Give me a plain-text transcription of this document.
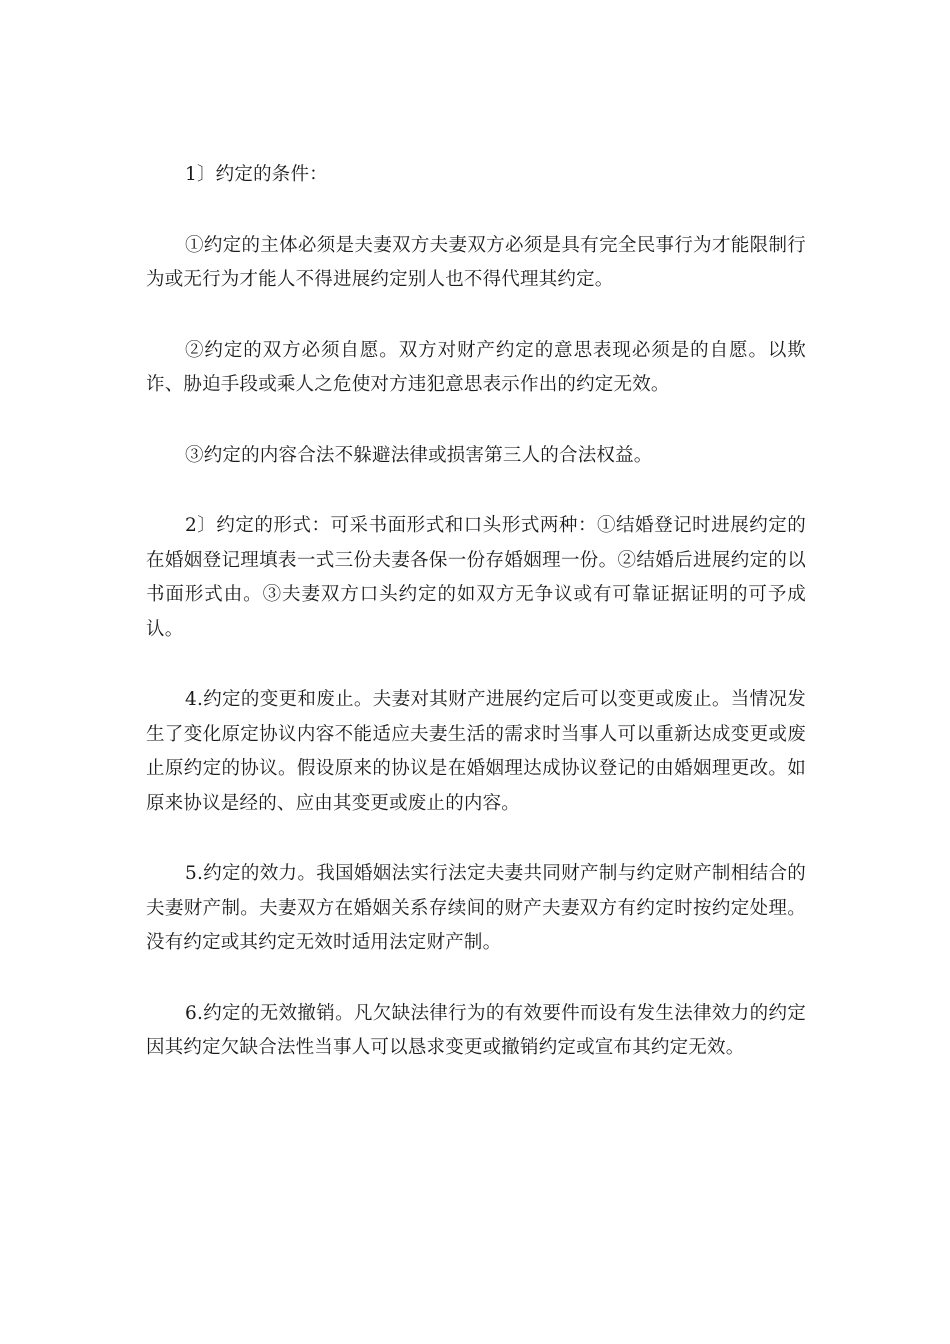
1〕约定的条件：

①约定的主体必须是夫妻双方夫妻双方必须是具有完全民事行为才能限制行为或无行为才能人不得进展约定别人也不得代理其约定。

②约定的双方必须自愿。双方对财产约定的意思表现必须是的自愿。以欺诈、胁迫手段或乘人之危使对方违犯意思表示作出的约定无效。

③约定的内容合法不躲避法律或损害第三人的合法权益。

2〕约定的形式：可采书面形式和口头形式两种：①结婚登记时进展约定的在婚姻登记理填表一式三份夫妻各保一份存婚姻理一份。②结婚后进展约定的以书面形式由。③夫妻双方口头约定的如双方无争议或有可靠证据证明的可予成认。

4.约定的变更和废止。夫妻对其财产进展约定后可以变更或废止。当情况发生了变化原定协议内容不能适应夫妻生活的需求时当事人可以重新达成变更或废止原约定的协议。假设原来的协议是在婚姻理达成协议登记的由婚姻理更改。如原来协议是经的、应由其变更或废止的内容。

5.约定的效力。我国婚姻法实行法定夫妻共同财产制与约定财产制相结合的夫妻财产制。夫妻双方在婚姻关系存续间的财产夫妻双方有约定时按约定处理。没有约定或其约定无效时适用法定财产制。

6.约定的无效撤销。凡欠缺法律行为的有效要件而设有发生法律效力的约定因其约定欠缺合法性当事人可以恳求变更或撤销约定或宣布其约定无效。
